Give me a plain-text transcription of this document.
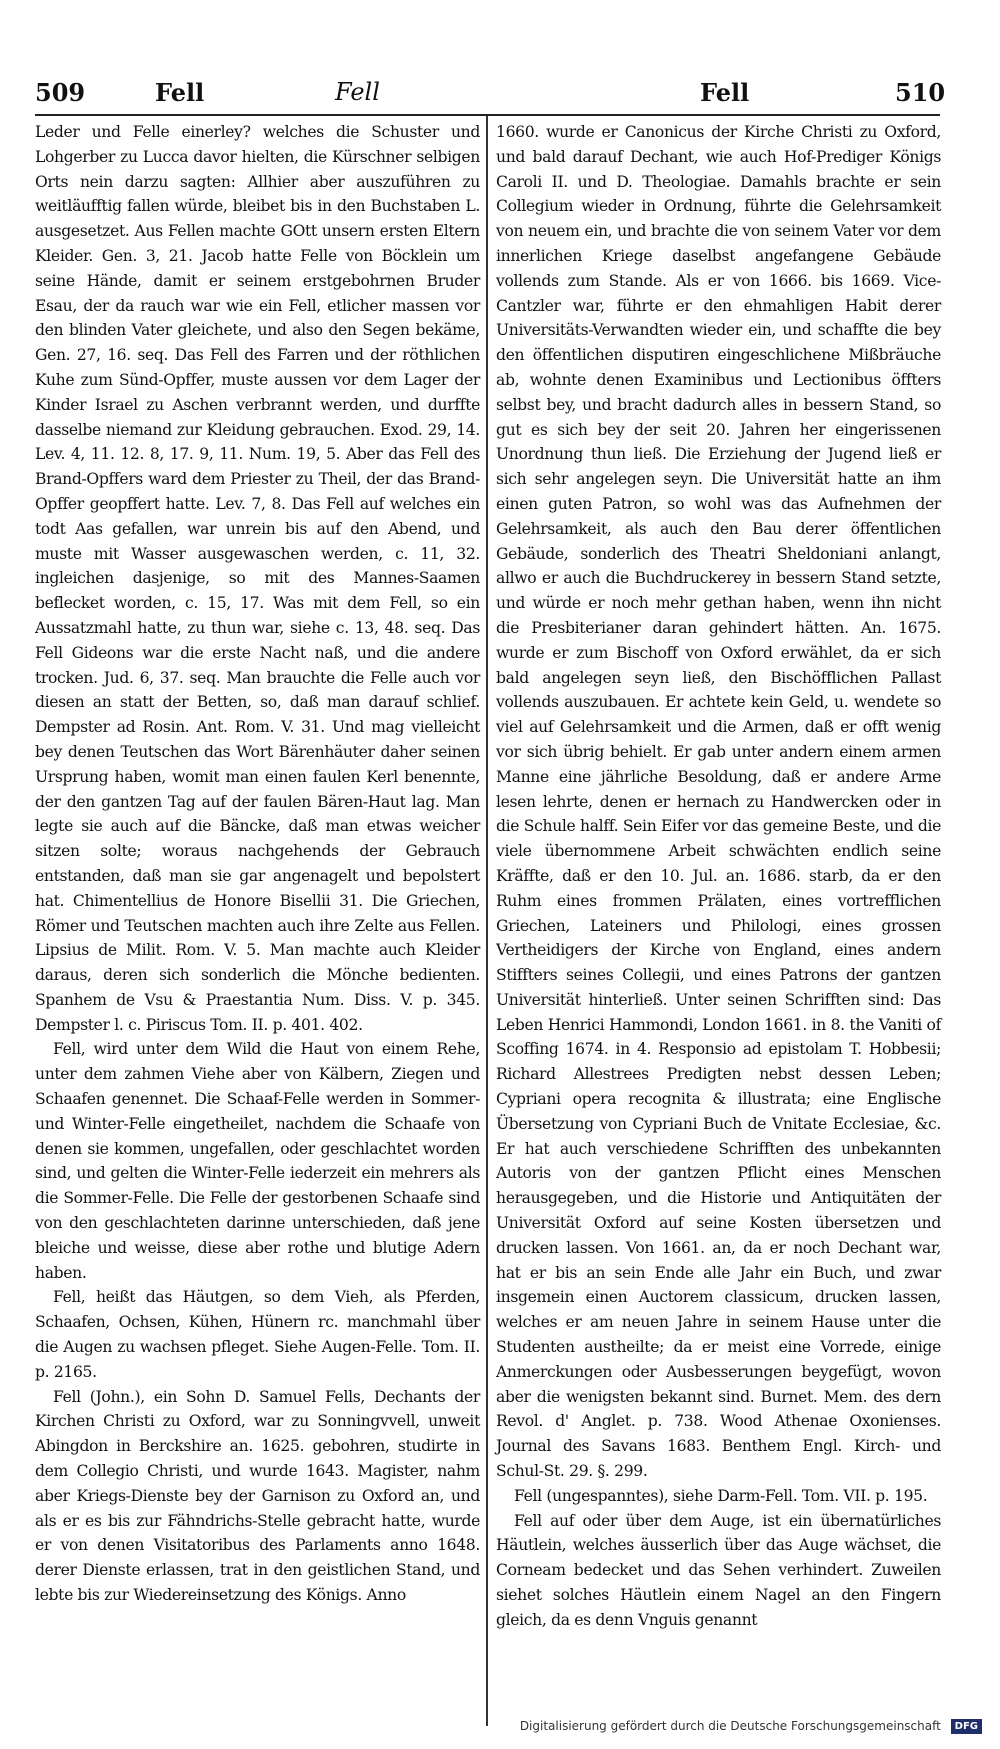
509	Fell	Fell	Fell	510

Leder und Felle einerley? welches die Schuster und Lohgerber zu Lucca davor hielten, die Kürschner selbigen Orts nein darzu sagten: Allhier aber auszuführen zu weitläufftig fallen würde, bleibet bis in den Buchstaben L. ausgesetzet. Aus Fellen machte GOtt unsern ersten Eltern Kleider. Gen. 3, 21. Jacob hatte Felle von Böcklein um seine Hände, damit er seinem erstgebohrnen Bruder Esau, der da rauch war wie ein Fell, etlicher massen vor den blinden Vater gleichete, und also den Segen bekäme, Gen. 27, 16. seq. Das Fell des Farren und der röthlichen Kuhe zum Sünd-Opffer, muste aussen vor dem Lager der Kinder Israel zu Aschen verbrannt werden, und durffte dasselbe niemand zur Kleidung gebrauchen. Exod. 29, 14. Lev. 4, 11. 12. 8, 17. 9, 11. Num. 19, 5. Aber das Fell des Brand-Opffers ward dem Priester zu Theil, der das Brand-Opffer geopffert hatte. Lev. 7, 8. Das Fell auf welches ein todt Aas gefallen, war unrein bis auf den Abend, und muste mit Wasser ausgewaschen werden, c. 11, 32. ingleichen dasjenige, so mit des Mannes-Saamen beflecket worden, c. 15, 17. Was mit dem Fell, so ein Aussatzmahl hatte, zu thun war, siehe c. 13, 48. seq. Das Fell Gideons war die erste Nacht naß, und die andere trocken. Jud. 6, 37. seq. Man brauchte die Felle auch vor diesen an statt der Betten, so, daß man darauf schlief. Dempster ad Rosin. Ant. Rom. V. 31. Und mag vielleicht bey denen Teutschen das Wort Bärenhäuter daher seinen Ursprung haben, womit man einen faulen Kerl benennte, der den gantzen Tag auf der faulen Bären-Haut lag. Man legte sie auch auf die Bäncke, daß man etwas weicher sitzen solte; woraus nachgehends der Gebrauch entstanden, daß man sie gar angenagelt und bepolstert hat. Chimentellius de Honore Bisellii 31. Die Griechen, Römer und Teutschen machten auch ihre Zelte aus Fellen. Lipsius de Milit. Rom. V. 5. Man machte auch Kleider daraus, deren sich sonderlich die Mönche bedienten. Spanhem de Vsu & Praestantia Num. Diss. V. p. 345. Dempster l. c. Piriscus Tom. II. p. 401. 402.

Fell, wird unter dem Wild die Haut von einem Rehe, unter dem zahmen Viehe aber von Kälbern, Ziegen und Schaafen genennet. Die Schaaf-Felle werden in Sommer- und Winter-Felle eingetheilet, nachdem die Schaafe von denen sie kommen, ungefallen, oder geschlachtet worden sind, und gelten die Winter-Felle iederzeit ein mehrers als die Sommer-Felle. Die Felle der gestorbenen Schaafe sind von den geschlachteten darinne unterschieden, daß jene bleiche und weisse, diese aber rothe und blutige Adern haben.

Fell, heißt das Häutgen, so dem Vieh, als Pferden, Schaafen, Ochsen, Kühen, Hünern rc. manchmahl über die Augen zu wachsen pfleget. Siehe Augen-Felle. Tom. II. p. 2165.

Fell (John.), ein Sohn D. Samuel Fells, Dechants der Kirchen Christi zu Oxford, war zu Sonningvvell, unweit Abingdon in Berckshire an. 1625. gebohren, studirte in dem Collegio Christi, und wurde 1643. Magister, nahm aber Kriegs-Dienste bey der Garnison zu Oxford an, und als er es bis zur Fähndrichs-Stelle gebracht hatte, wurde er von denen Visitatoribus des Parlaments anno 1648. derer Dienste erlassen, trat in den geistlichen Stand, und lebte bis zur Wiedereinsetzung des Königs. Anno

1660. wurde er Canonicus der Kirche Christi zu Oxford, und bald darauf Dechant, wie auch Hof-Prediger Königs Caroli II. und D. Theologiae. Damahls brachte er sein Collegium wieder in Ordnung, führte die Gelehrsamkeit von neuem ein, und brachte die von seinem Vater vor dem innerlichen Kriege daselbst angefangene Gebäude vollends zum Stande. Als er von 1666. bis 1669. Vice-Cantzler war, führte er den ehmahligen Habit derer Universitäts-Verwandten wieder ein, und schaffte die bey den öffentlichen disputiren eingeschlichene Mißbräuche ab, wohnte denen Examinibus und Lectionibus öffters selbst bey, und bracht dadurch alles in bessern Stand, so gut es sich bey der seit 20. Jahren her eingerissenen Unordnung thun ließ. Die Erziehung der Jugend ließ er sich sehr angelegen seyn. Die Universität hatte an ihm einen guten Patron, so wohl was das Aufnehmen der Gelehrsamkeit, als auch den Bau derer öffentlichen Gebäude, sonderlich des Theatri Sheldoniani anlangt, allwo er auch die Buchdruckerey in bessern Stand setzte, und würde er noch mehr gethan haben, wenn ihn nicht die Presbiterianer daran gehindert hätten. An. 1675. wurde er zum Bischoff von Oxford erwählet, da er sich bald angelegen seyn ließ, den Bischöfflichen Pallast vollends auszubauen. Er achtete kein Geld, u. wendete so viel auf Gelehrsamkeit und die Armen, daß er offt wenig vor sich übrig behielt. Er gab unter andern einem armen Manne eine jährliche Besoldung, daß er andere Arme lesen lehrte, denen er hernach zu Handwercken oder in die Schule halff. Sein Eifer vor das gemeine Beste, und die viele übernommene Arbeit schwächten endlich seine Kräffte, daß er den 10. Jul. an. 1686. starb, da er den Ruhm eines frommen Prälaten, eines vortrefflichen Griechen, Lateiners und Philologi, eines grossen Vertheidigers der Kirche von England, eines andern Stiffters seines Collegii, und eines Patrons der gantzen Universität hinterließ. Unter seinen Schrifften sind: Das Leben Henrici Hammondi, London 1661. in 8. the Vaniti of Scoffing 1674. in 4. Responsio ad epistolam T. Hobbesii; Richard Allestrees Predigten nebst dessen Leben; Cypriani opera recognita & illustrata; eine Englische Übersetzung von Cypriani Buch de Vnitate Ecclesiae, &c. Er hat auch verschiedene Schrifften des unbekannten Autoris von der gantzen Pflicht eines Menschen herausgegeben, und die Historie und Antiquitäten der Universität Oxford auf seine Kosten übersetzen und drucken lassen. Von 1661. an, da er noch Dechant war, hat er bis an sein Ende alle Jahr ein Buch, und zwar insgemein einen Auctorem classicum, drucken lassen, welches er am neuen Jahre in seinem Hause unter die Studenten austheilte; da er meist eine Vorrede, einige Anmerckungen oder Ausbesserungen beygefügt, wovon aber die wenigsten bekannt sind. Burnet. Mem. des dern Revol. d' Anglet. p. 738. Wood Athenae Oxonienses. Journal des Savans 1683. Benthem Engl. Kirch- und Schul-St. 29. §. 299.

Fell (ungespanntes), siehe Darm-Fell. Tom. VII. p. 195.

Fell auf oder über dem Auge, ist ein übernatürliches Häutlein, welches äusserlich über das Auge wächset, die Corneam bedecket und das Sehen verhindert. Zuweilen siehet solches Häutlein einem Nagel an den Fingern gleich, da es denn Vnguis genannt

Digitalisierung gefördert durch die Deutsche Forschungsgemeinschaft DFG
